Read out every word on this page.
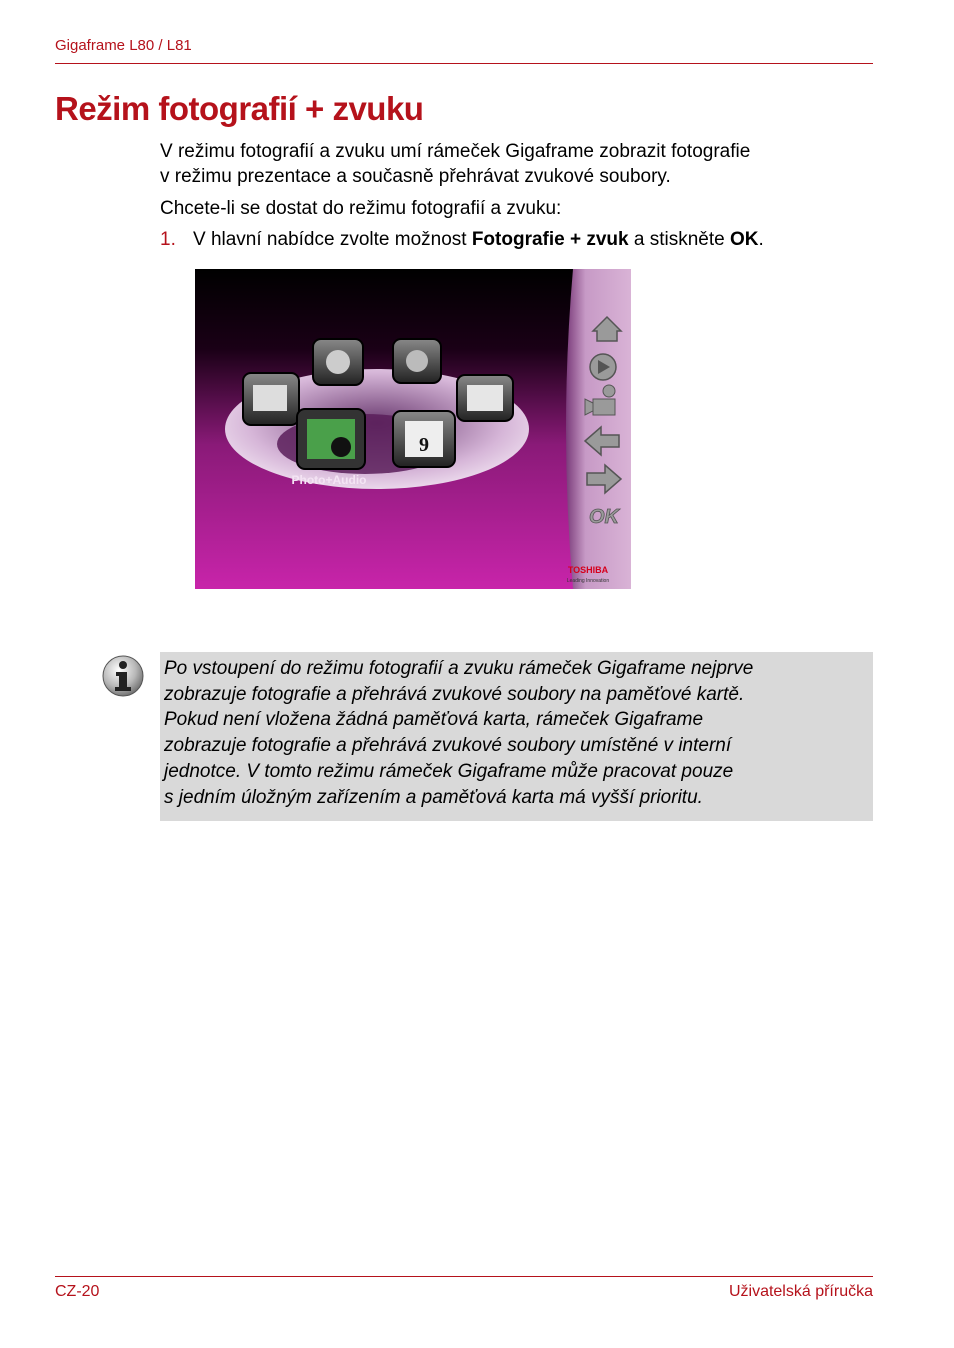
Gigaframe L80 / L81
Režim fotografií + zvuku
V režimu fotografií a zvuku umí rámeček Gigaframe zobrazit fotografie
v režimu prezentace a současně přehrávat zvukové soubory.
Chcete-li se dostat do režimu fotografií a zvuku:
1. V hlavní nabídce zvolte možnost Fotografie + zvuk a stiskněte OK.
9
Photo+Audio
OK
TOSHIBA
Leading Innovation
Po vstoupení do režimu fotografií a zvuku rámeček Gigaframe nejprve
zobrazuje fotografie a přehrává zvukové soubory na paměťové kartě.
Pokud není vložena žádná paměťová karta, rámeček Gigaframe
zobrazuje fotografie a přehrává zvukové soubory umístěné v interní
jednotce. V tomto režimu rámeček Gigaframe může pracovat pouze
s jedním úložným zařízením a paměťová karta má vyšší prioritu.
CZ-20	Uživatelská příručka
